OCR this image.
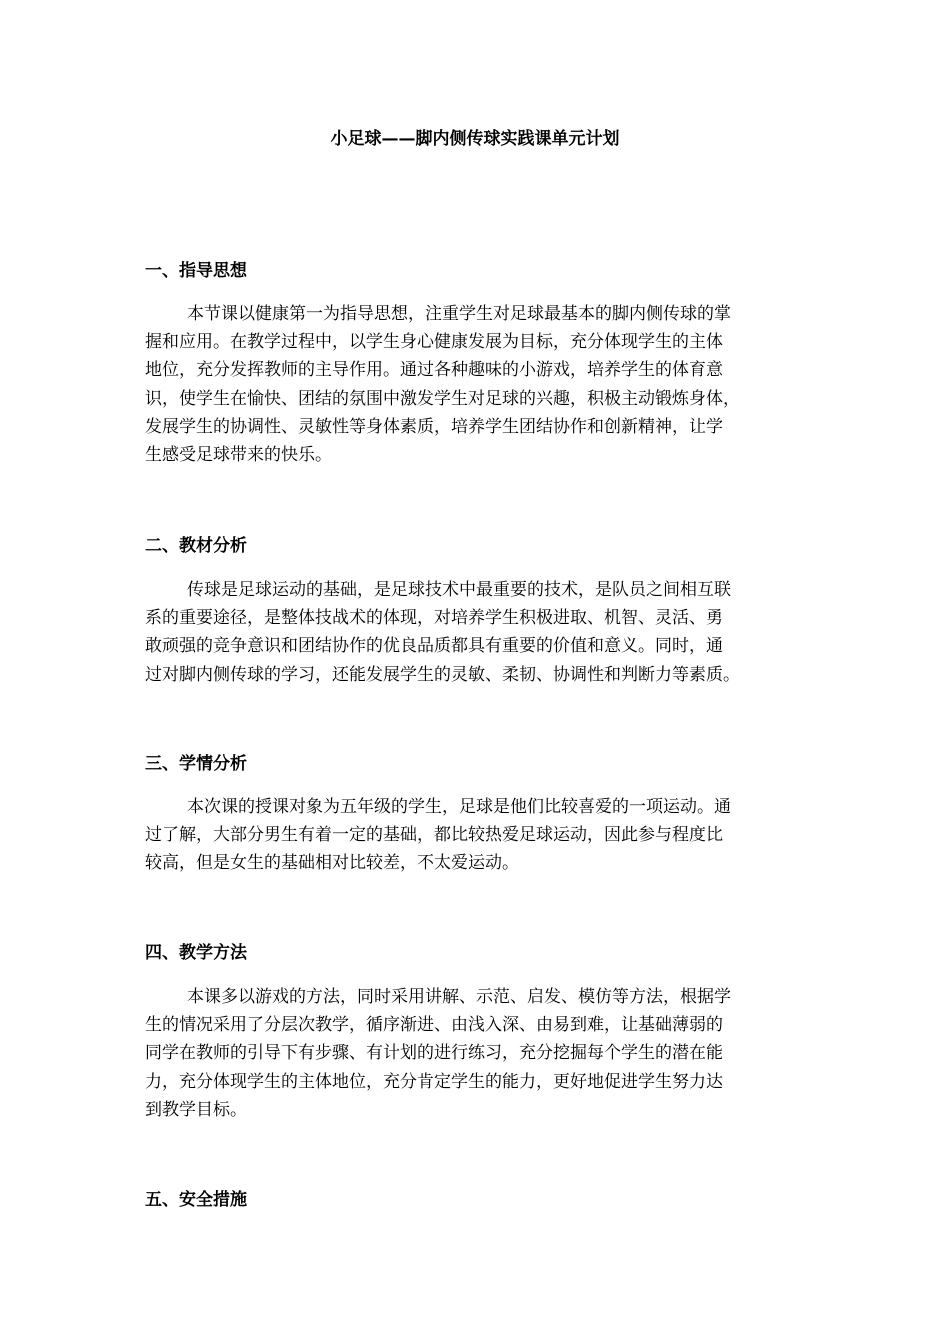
小足球——脚内侧传球实践课单元计划
一、指导思想
本节课以健康第一为指导思想，注重学生对足球最基本的脚内侧传球的掌
握和应用。在教学过程中，以学生身心健康发展为目标，充分体现学生的主体
地位，充分发挥教师的主导作用。通过各种趣味的小游戏，培养学生的体育意
识，使学生在愉快、团结的氛围中激发学生对足球的兴趣，积极主动锻炼身体，
发展学生的协调性、灵敏性等身体素质，培养学生团结协作和创新精神，让学
生感受足球带来的快乐。
二、教材分析
传球是足球运动的基础，是足球技术中最重要的技术，是队员之间相互联
系的重要途径，是整体技战术的体现，对培养学生积极进取、机智、灵活、勇
敢顽强的竞争意识和团结协作的优良品质都具有重要的价值和意义。同时，通
过对脚内侧传球的学习，还能发展学生的灵敏、柔韧、协调性和判断力等素质。
三、学情分析
本次课的授课对象为五年级的学生，足球是他们比较喜爱的一项运动。通
过了解，大部分男生有着一定的基础，都比较热爱足球运动，因此参与程度比
较高，但是女生的基础相对比较差，不太爱运动。
四、教学方法
本课多以游戏的方法，同时采用讲解、示范、启发、模仿等方法，根据学
生的情况采用了分层次教学，循序渐进、由浅入深、由易到难，让基础薄弱的
同学在教师的引导下有步骤、有计划的进行练习，充分挖掘每个学生的潜在能
力，充分体现学生的主体地位，充分肯定学生的能力，更好地促进学生努力达
到教学目标。
五、安全措施
